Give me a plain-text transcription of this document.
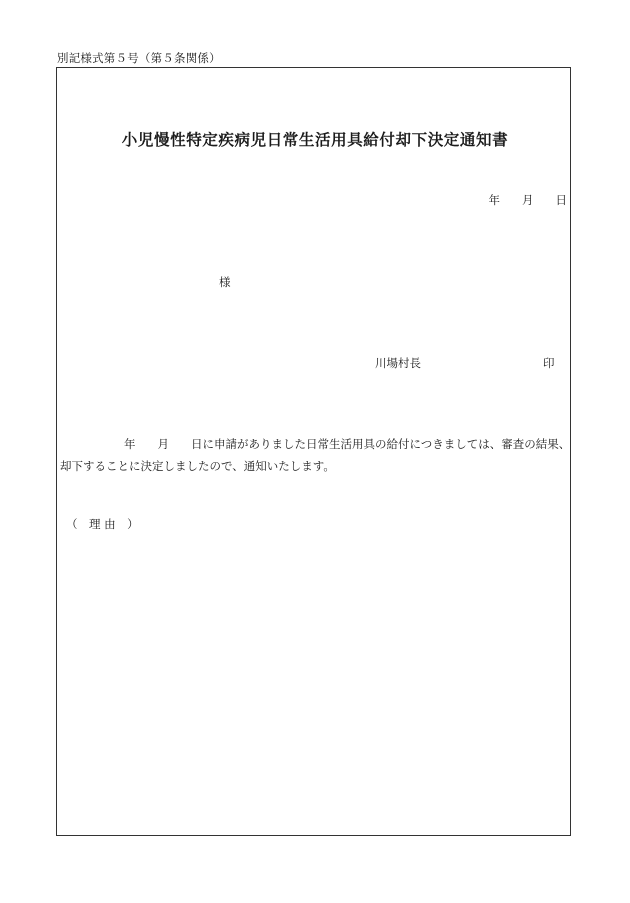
別記様式第５号（第５条関係）
小児慢性特定疾病児日常生活用具給付却下決定通知書
年 月 日
様
川場村長	印
年 月 日に申請がありました日常生活用具の給付につきましては、審査の結果、
却下することに決定しましたので、通知いたします。
（　理 由　）
